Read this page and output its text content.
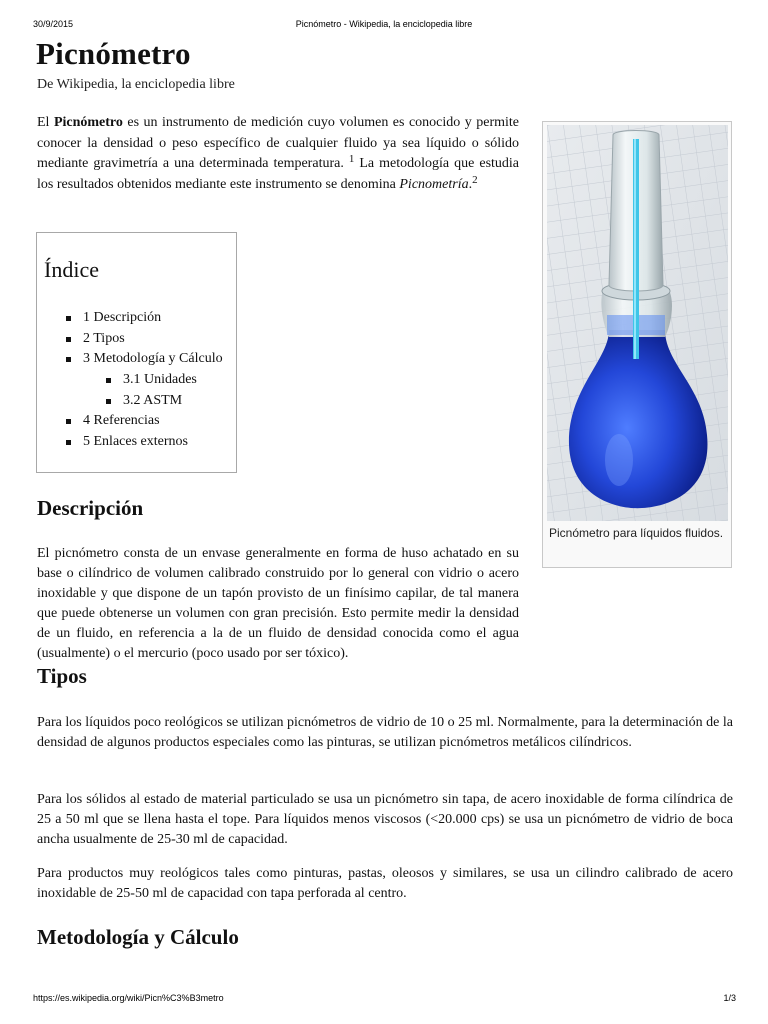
30/9/2015	Picnómetro - Wikipedia, la enciclopedia libre
Picnómetro
De Wikipedia, la enciclopedia libre

El Picnómetro es un instrumento de medición cuyo volumen es conocido y permite conocer la densidad o peso específico de cualquier fluido ya sea líquido o sólido mediante gravimetría a una determinada temperatura. $^1$ La metodología que estudia los resultados obtenidos mediante este instrumento se denomina Picnometría.$^2$

Índice
1 Descripción
2 Tipos
3 Metodología y Cálculo
3.1 Unidades
3.2 ASTM
4 Referencias
5 Enlaces externos
Picnómetro para líquidos fluidos.
Descripción

El picnómetro consta de un envase generalmente en forma de huso achatado en su base o cilíndrico de volumen calibrado construido por lo general con vidrio o acero inoxidable y que dispone de un tapón provisto de un finísimo capilar, de tal manera que puede obtenerse un volumen con gran precisión. Esto permite medir la densidad de un fluido, en referencia a la de un fluido de densidad conocida como el agua (usualmente) o el mercurio (poco usado por ser tóxico).

Tipos

Para los líquidos poco reológicos se utilizan picnómetros de vidrio de 10 o 25 ml. Normalmente, para la determinación de la densidad de algunos productos especiales como las pinturas, se utilizan picnómetros metálicos cilíndricos.

Para los sólidos al estado de material particulado se usa un picnómetro sin tapa, de acero inoxidable de forma cilíndrica de 25 a 50 ml que se llena hasta el tope. Para líquidos menos viscosos (<20.000 cps) se usa un picnómetro de vidrio de boca ancha usualmente de 25-30 ml de capacidad.

Para productos muy reológicos tales como pinturas, pastas, oleosos y similares, se usa un cilindro calibrado de acero inoxidable de 25-50 ml de capacidad con tapa perforada al centro.

Metodología y Cálculo
https://es.wikipedia.org/wiki/Picn%C3%B3metro	1/3
